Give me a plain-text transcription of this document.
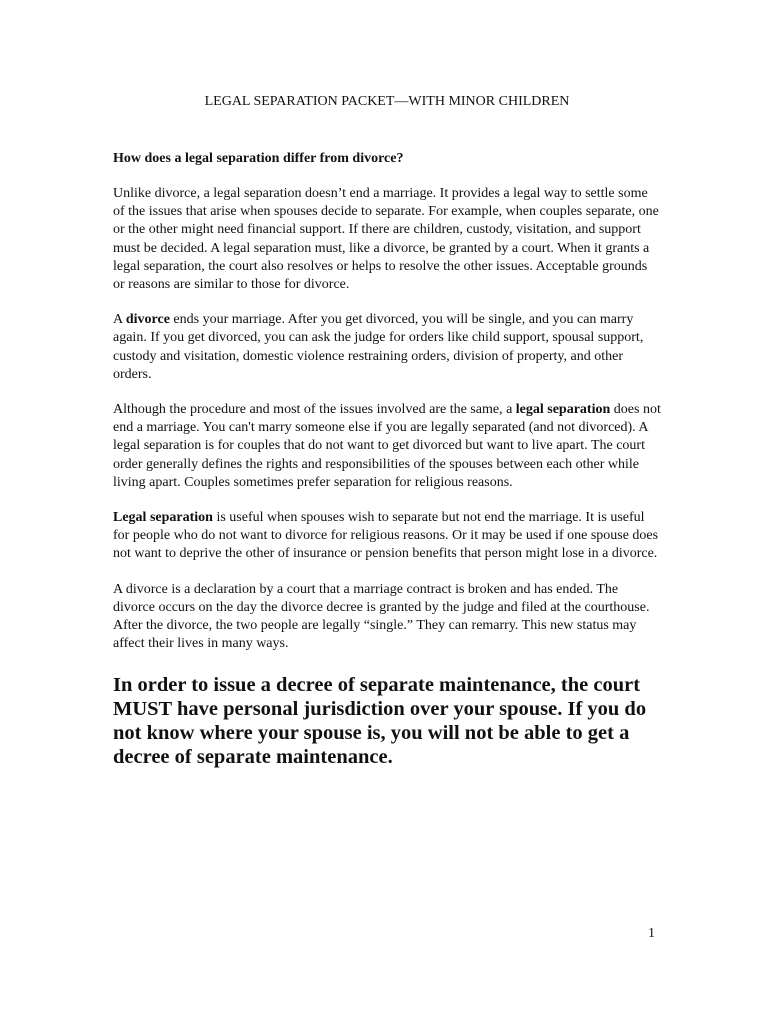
LEGAL SEPARATION PACKET—WITH MINOR CHILDREN

How does a legal separation differ from divorce?

Unlike divorce, a legal separation doesn’t end a marriage. It provides a legal way to settle some of the issues that arise when spouses decide to separate. For example, when couples separate, one or the other might need financial support. If there are children, custody, visitation, and support must be decided. A legal separation must, like a divorce, be granted by a court. When it grants a legal separation, the court also resolves or helps to resolve the other issues. Acceptable grounds or reasons are similar to those for divorce.

A divorce ends your marriage. After you get divorced, you will be single, and you can marry again. If you get divorced, you can ask the judge for orders like child support, spousal support, custody and visitation, domestic violence restraining orders, division of property, and other orders.

Although the procedure and most of the issues involved are the same, a legal separation does not end a marriage. You can't marry someone else if you are legally separated (and not divorced). A legal separation is for couples that do not want to get divorced but want to live apart. The court order generally defines the rights and responsibilities of the spouses between each other while living apart. Couples sometimes prefer separation for religious reasons.

Legal separation is useful when spouses wish to separate but not end the marriage. It is useful for people who do not want to divorce for religious reasons. Or it may be used if one spouse does not want to deprive the other of insurance or pension benefits that person might lose in a divorce.

A divorce is a declaration by a court that a marriage contract is broken and has ended. The divorce occurs on the day the divorce decree is granted by the judge and filed at the courthouse. After the divorce, the two people are legally “single.” They can remarry. This new status may affect their lives in many ways.

In order to issue a decree of separate maintenance, the court MUST have personal jurisdiction over your spouse. If you do not know where your spouse is, you will not be able to get a decree of separate maintenance.

1
